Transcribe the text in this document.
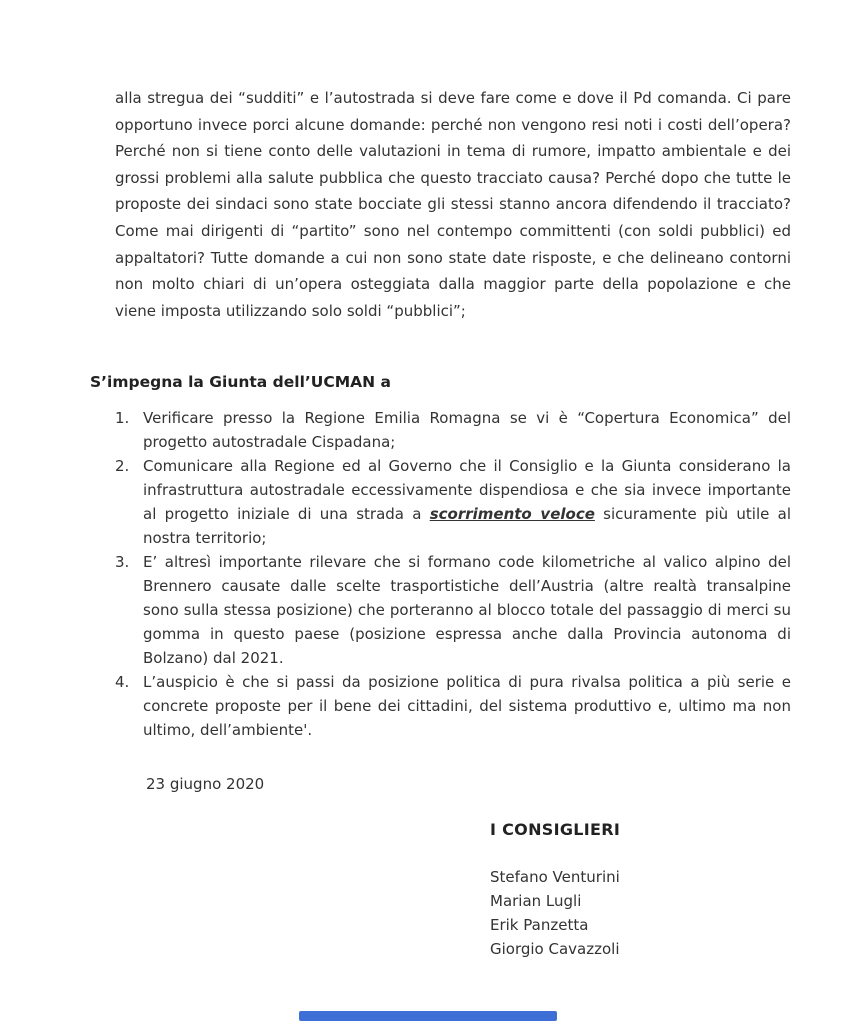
alla stregua dei “sudditi” e l’autostrada si deve fare come e dove il Pd comanda. Ci pare opportuno invece porci alcune domande: perché non vengono resi noti i costi dell’opera? Perché non si tiene conto delle valutazioni in tema di rumore, impatto ambientale e dei grossi problemi alla salute pubblica che questo tracciato causa? Perché dopo che tutte le proposte dei sindaci sono state bocciate gli stessi stanno ancora difendendo il tracciato? Come mai dirigenti di “partito” sono nel contempo committenti (con soldi pubblici) ed appaltatori? Tutte domande a cui non sono state date risposte, e che delineano contorni non molto chiari di un’opera osteggiata dalla maggior parte della popolazione e che viene imposta utilizzando solo soldi “pubblici”;

S’impegna la Giunta dell’UCMAN a
1. Verificare presso la Regione Emilia Romagna se vi è “Copertura Economica” del progetto autostradale Cispadana;
2. Comunicare alla Regione ed al Governo che il Consiglio e la Giunta considerano la infrastruttura autostradale eccessivamente dispendiosa e che sia invece importante al progetto iniziale di una strada a scorrimento veloce sicuramente più utile al nostra territorio;
3. E’ altresì importante rilevare che si formano code kilometriche al valico alpino del Brennero causate dalle scelte trasportistiche dell’Austria (altre realtà transalpine sono sulla stessa posizione) che porteranno al blocco totale del passaggio di merci su gomma in questo paese (posizione espressa anche dalla Provincia autonoma di Bolzano) dal 2021.
4. L’auspicio è che si passi da posizione politica di pura rivalsa politica a più serie e concrete proposte per il bene dei cittadini, del sistema produttivo e, ultimo ma non ultimo, dell’ambiente'.

23 giugno 2020

I CONSIGLIERI
Stefano Venturini
Marian Lugli
Erik Panzetta
Giorgio Cavazzoli
